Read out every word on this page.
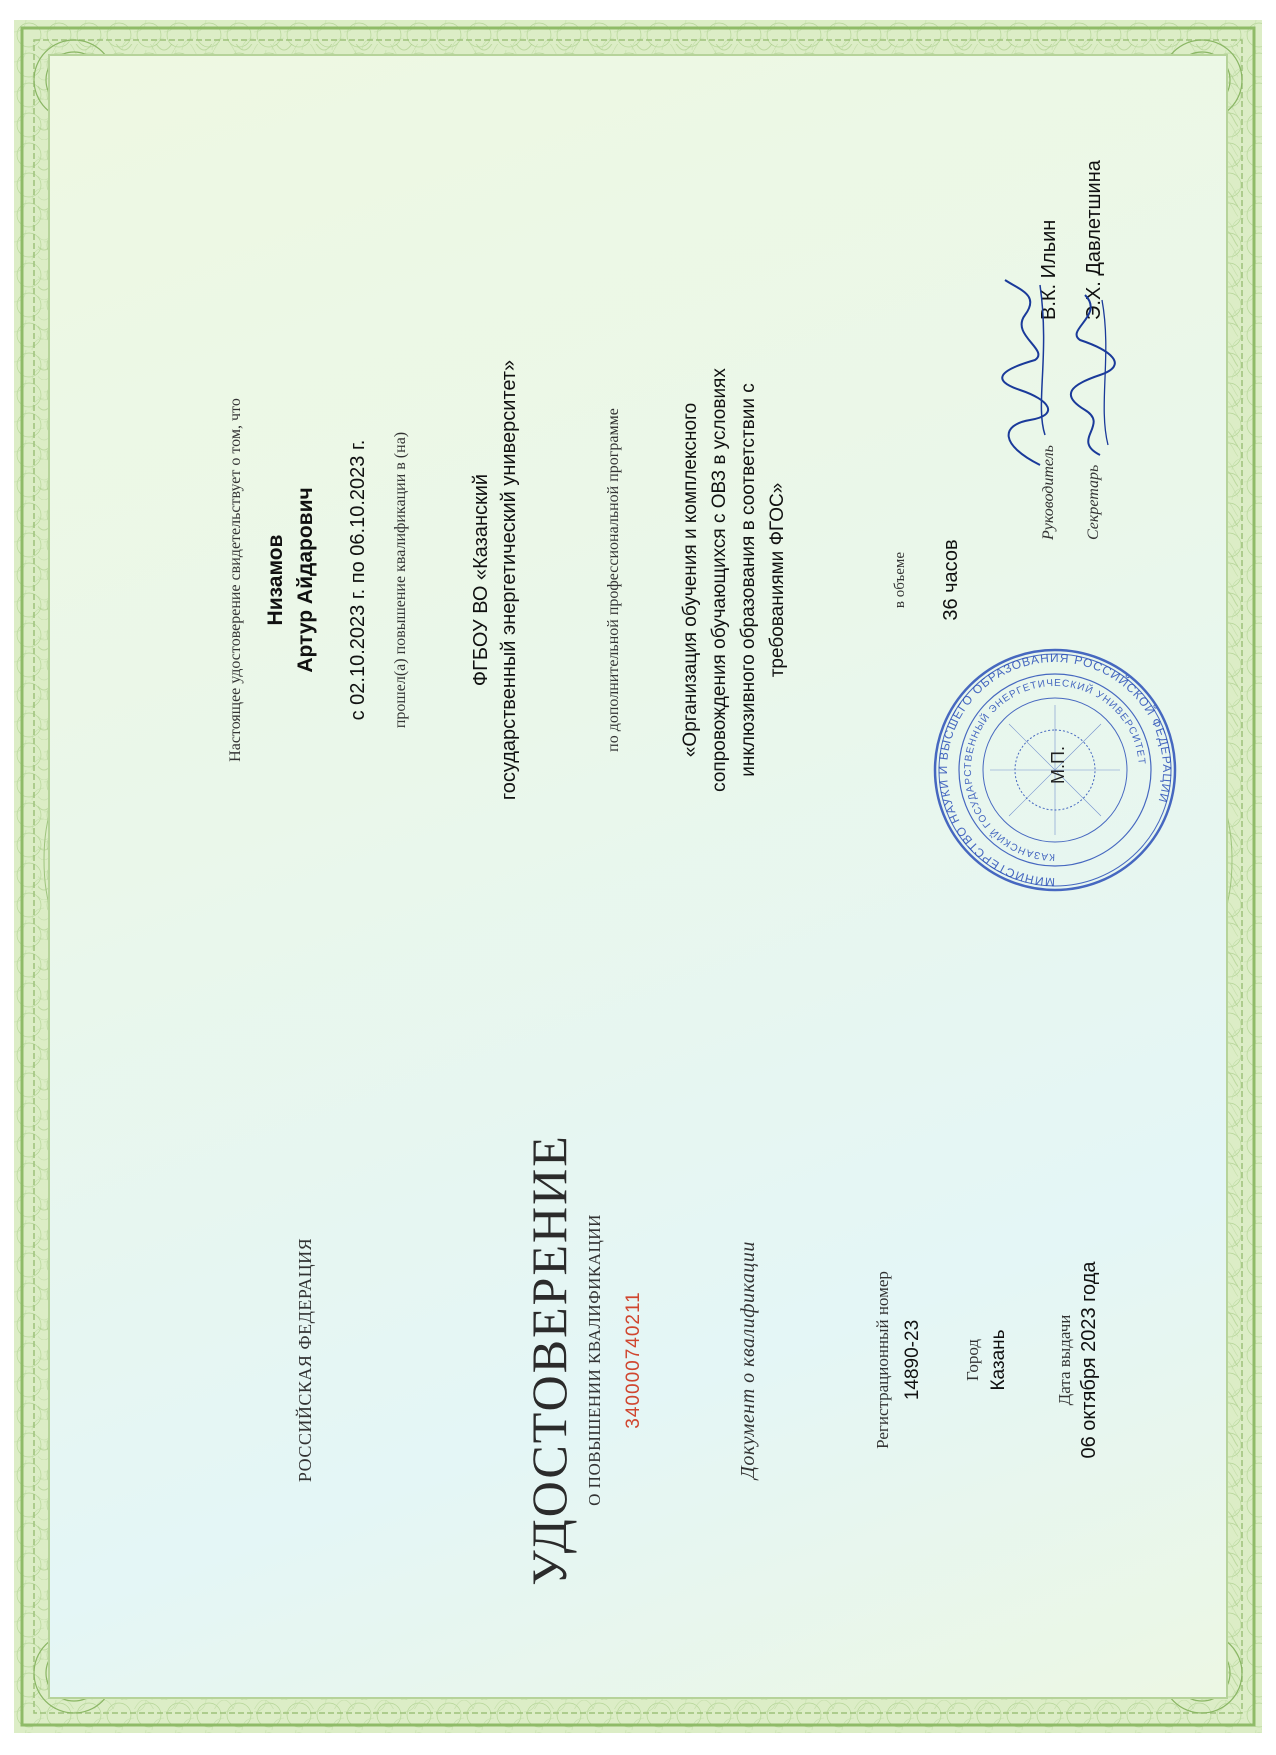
РОССИЙСКАЯ ФЕДЕРАЦИЯ	УДОСТОВЕРЕНИЕ О ПОВЫШЕНИИ КВАЛИФИКАЦИИ 340000740211	Документ о квалификации	Регистрационный номер 14890-23 Город Казань	Дата выдачи 06 октября 2023 года
Настоящее удостоверение свидетельствует о том, что Низамов Артур Айдарович с 02.10.2023 г. по 06.10.2023 г. прошел(а) повышение квалификации в (на)	ФГБОУ ВО «Казанский государственный энергетический университет»	по дополнительной профессиональной программе	«Организация обучения и комплексного сопровождения обучающихся с ОВЗ в условиях инклюзивного образования в соответствии с требованиями ФГОС»	в объеме 36 часов
МИНИСТЕРСТВО НАУКИ И ВЫСШЕГО ОБРАЗОВАНИЯ РОССИЙСКОЙ ФЕДЕРАЦИИ
КАЗАНСКИЙ ГОСУДАРСТВЕННЫЙ ЭНЕРГЕТИЧЕСКИЙ УНИВЕРСИТЕТ
М.П.
Руководитель
В.К. Ильин
Секретарь
Э.Х. Давлетшина
